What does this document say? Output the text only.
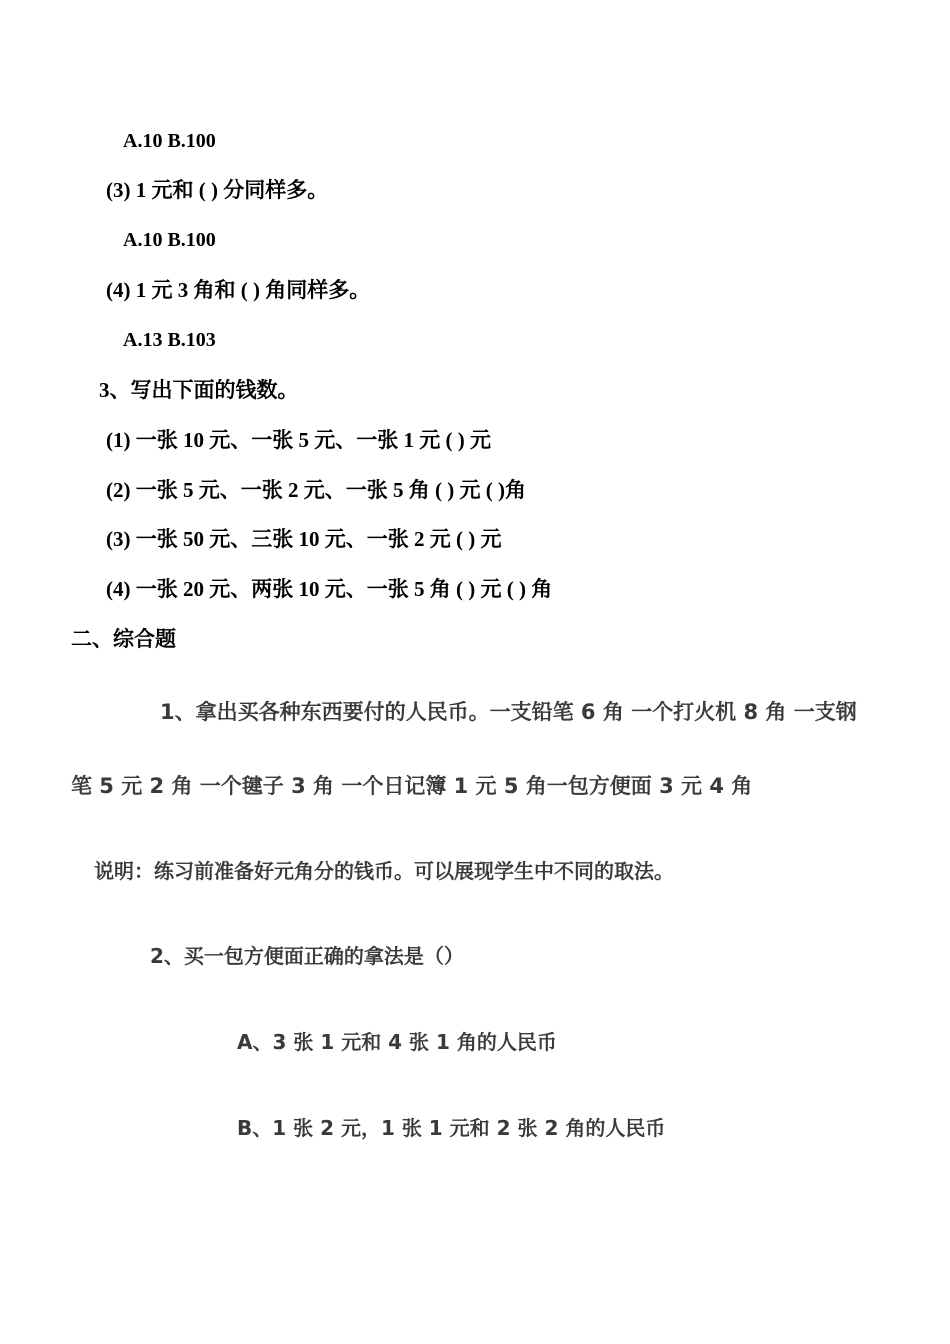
A.10 B.100
(3) 1 元和 ( ) 分同样多。
A.10 B.100
(4) 1 元 3 角和 ( ) 角同样多。
A.13 B.103
3、写出下面的钱数。
(1) 一张 10 元、一张 5 元、一张 1 元 ( ) 元
(2) 一张 5 元、一张 2 元、一张 5 角 ( ) 元 ( )角
(3) 一张 50 元、三张 10 元、一张 2 元 ( ) 元
(4) 一张 20 元、两张 10 元、一张 5 角 ( ) 元 ( ) 角
二、综合题
1、拿出买各种东西要付的人民币。一支铅笔 6 角 一个打火机 8 角 一支钢
笔 5 元 2 角 一个毽子 3 角 一个日记簿 1 元 5 角一包方便面 3 元 4 角
说明：练习前准备好元角分的钱币。可以展现学生中不同的取法。
2、买一包方便面正确的拿法是（）
A、3 张 1 元和 4 张 1 角的人民币
B、1 张 2 元，1 张 1 元和 2 张 2 角的人民币
